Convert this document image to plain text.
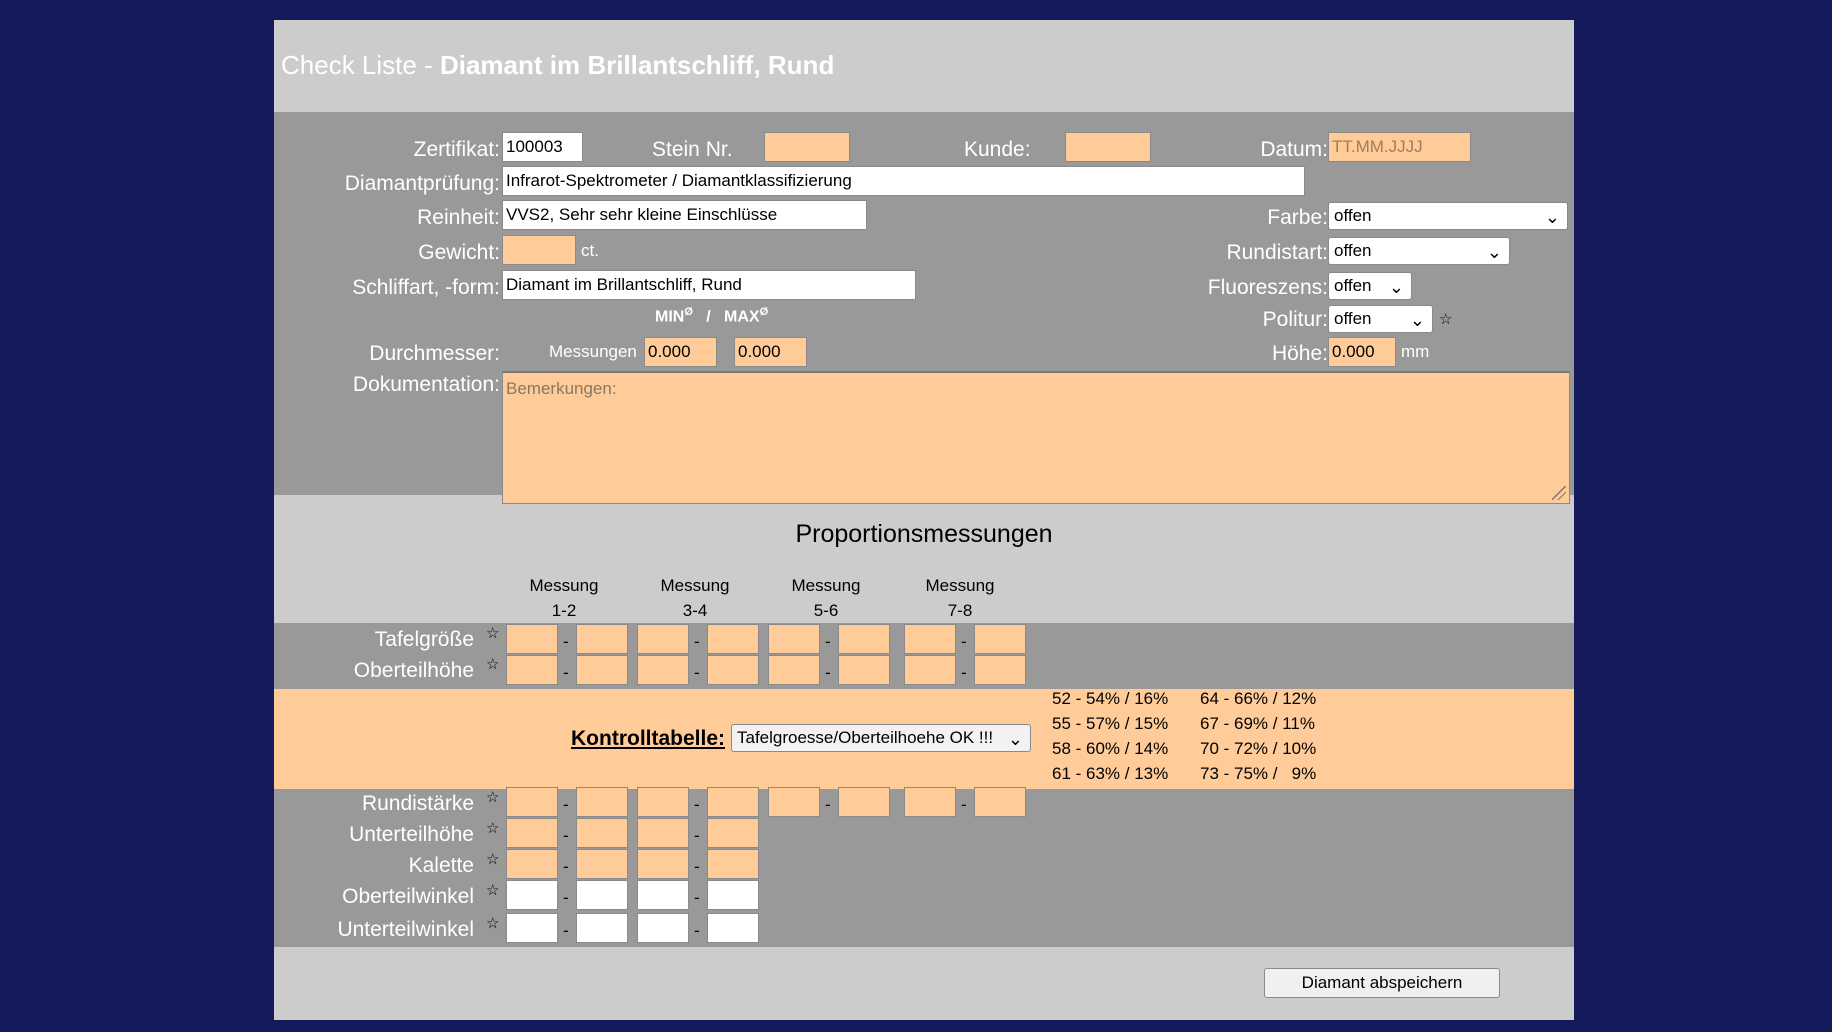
Check Liste - Diamant im Brillantschliff, Rund
Zertifikat:
100003	Stein Nr.	Kunde:	Datum:
TT.MM.JJJJ
Diamantprüfung:
Infrarot-Spektrometer / Diamantklassifizierung
Reinheit:
VVS2, Sehr sehr kleine Einschlüsse	Farbe: offen
⌄
Gewicht:	ct.	Rundistart: offen
⌄
Schliffart, -form:
Diamant im Brillantschliff, Rund	Fluoreszens: offen
⌄
$MIN^Ø / MAX^Ø$	Politur: offen
⌄	☆
Durchmesser:	Messungen
0.000
0.000	Höhe:
0.000	mm
Dokumentation:
Bemerkungen:
Proportionsmessungen
Messung
1-2
Messung
3-4
Messung
5-6
Messung
7-8
Tafelgröße ☆
Oberteilhöhe ☆
Kontrolltabelle: Tafelgroesse/Oberteilhoehe OK !!!
⌄
52 - 54% / 16%
55 - 57% / 15%
58 - 60% / 14%
61 - 63% / 13%
64 - 66% / 12%
67 - 69% / 11%
70 - 72% / 10%
73 - 75% /   9%
Rundistärke ☆
Unterteilhöhe ☆
Kalette ☆
Oberteilwinkel ☆
Unterteilwinkel ☆
Diamant abspeichern
-	-	-	-
-	-	-	-
-	-	-	-
-	-
-	-
-	-
-	-
